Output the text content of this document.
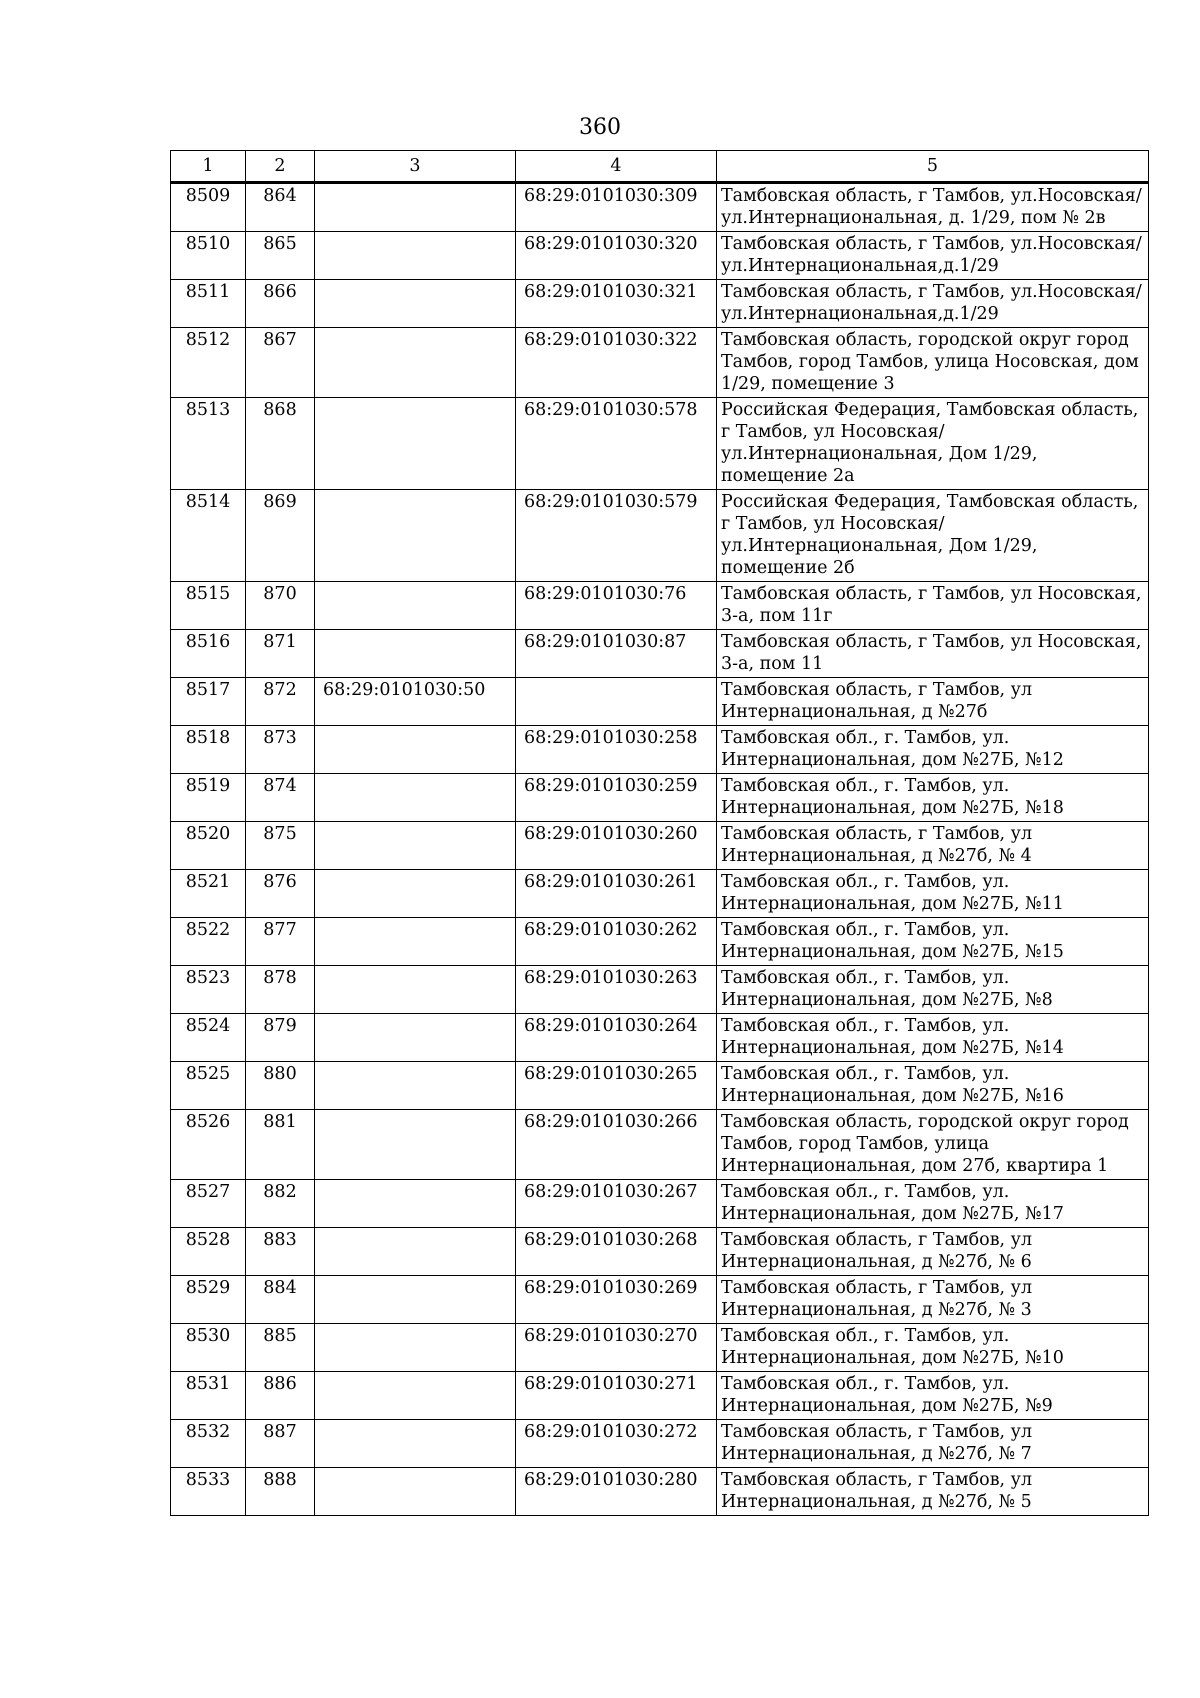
360
1	2	3	4	5
8509	864		68:29:0101030:309	Тамбовская область, г Тамбов, ул.Носовская/ул.Интернациональная, д. 1/29, пом № 2в
8510	865		68:29:0101030:320	Тамбовская область, г Тамбов, ул.Носовская/ул.Интернациональная,д.1/29
8511	866		68:29:0101030:321	Тамбовская область, г Тамбов, ул.Носовская/ул.Интернациональная,д.1/29
8512	867		68:29:0101030:322	Тамбовская область, городской округ город Тамбов, город Тамбов, улица Носовская, дом 1/29, помещение 3
8513	868		68:29:0101030:578	Российская Федерация, Тамбовская область, г Тамбов, ул Носовская/ул.Интернациональная, Дом 1/29, помещение 2а
8514	869		68:29:0101030:579	Российская Федерация, Тамбовская область, г Тамбов, ул Носовская/ул.Интернациональная, Дом 1/29, помещение 2б
8515	870		68:29:0101030:76	Тамбовская область, г Тамбов, ул Носовская, 3-а, пом 11г
8516	871		68:29:0101030:87	Тамбовская область, г Тамбов, ул Носовская, 3-а, пом 11
8517	872	68:29:0101030:50		Тамбовская область, г Тамбов, ул Интернациональная, д №27б
8518	873		68:29:0101030:258	Тамбовская обл., г. Тамбов, ул. Интернациональная, дом №27Б, №12
8519	874		68:29:0101030:259	Тамбовская обл., г. Тамбов, ул. Интернациональная, дом №27Б, №18
8520	875		68:29:0101030:260	Тамбовская область, г Тамбов, ул Интернациональная, д №27б, № 4
8521	876		68:29:0101030:261	Тамбовская обл., г. Тамбов, ул. Интернациональная, дом №27Б, №11
8522	877		68:29:0101030:262	Тамбовская обл., г. Тамбов, ул. Интернациональная, дом №27Б, №15
8523	878		68:29:0101030:263	Тамбовская обл., г. Тамбов, ул. Интернациональная, дом №27Б, №8
8524	879		68:29:0101030:264	Тамбовская обл., г. Тамбов, ул. Интернациональная, дом №27Б, №14
8525	880		68:29:0101030:265	Тамбовская обл., г. Тамбов, ул. Интернациональная, дом №27Б, №16
8526	881		68:29:0101030:266	Тамбовская область, городской округ город Тамбов, город Тамбов, улица Интернациональная, дом 27б, квартира 1
8527	882		68:29:0101030:267	Тамбовская обл., г. Тамбов, ул. Интернациональная, дом №27Б, №17
8528	883		68:29:0101030:268	Тамбовская область, г Тамбов, ул Интернациональная, д №27б, № 6
8529	884		68:29:0101030:269	Тамбовская область, г Тамбов, ул Интернациональная, д №27б, № 3
8530	885		68:29:0101030:270	Тамбовская обл., г. Тамбов, ул. Интернациональная, дом №27Б, №10
8531	886		68:29:0101030:271	Тамбовская обл., г. Тамбов, ул. Интернациональная, дом №27Б, №9
8532	887		68:29:0101030:272	Тамбовская область, г Тамбов, ул Интернациональная, д №27б, № 7
8533	888		68:29:0101030:280	Тамбовская область, г Тамбов, ул Интернациональная, д №27б, № 5
